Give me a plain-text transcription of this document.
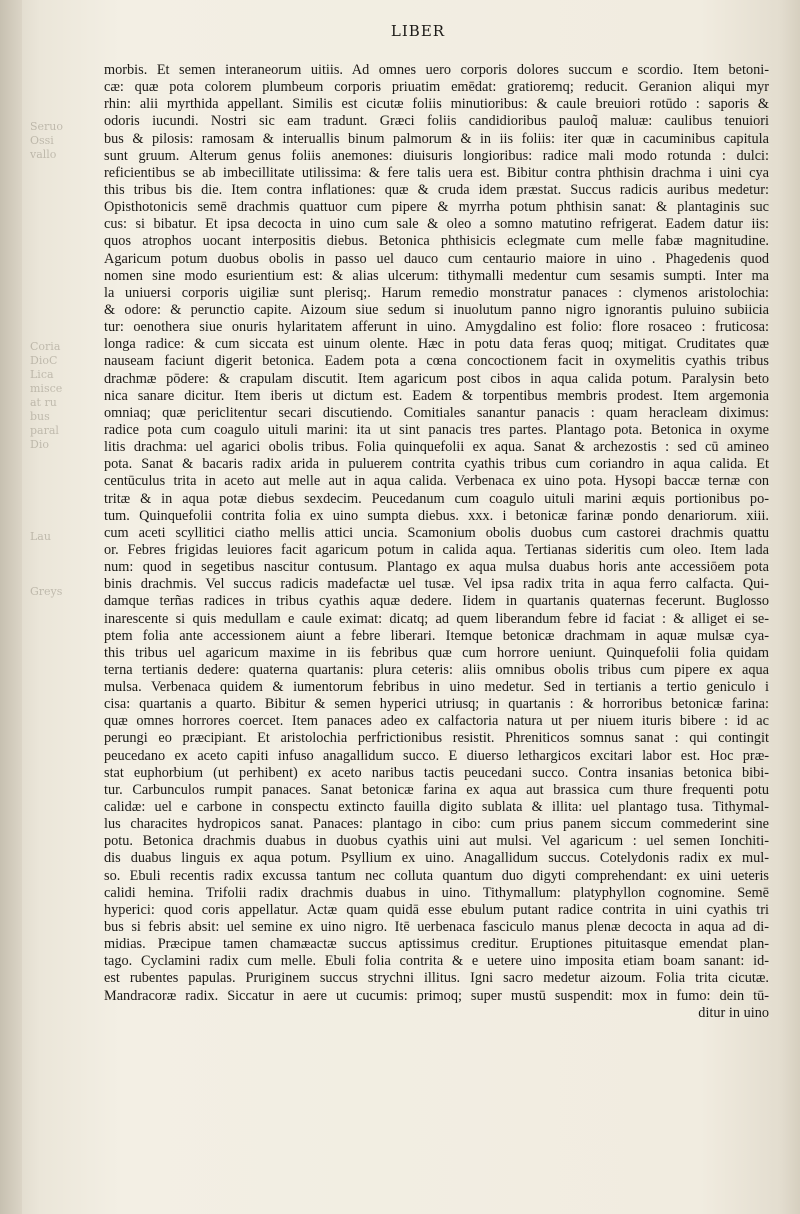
Seruo
Ossi
vallo
Coria
DioC
Lica
misce
at ru
bus
paral
Dio
Lau
Greys
LIBER
morbis. Et semen interaneorum uitiis. Ad omnes uero corporis dolores succum e scordio. Item betoni-
cæ: quæ pota colorem plumbeum corporis priuatim emēdat: gratioremq; reducit. Geranion aliqui myr
rhin: alii myrthida appellant. Similis est cicutæ foliis minutioribus: & caule breuiori rotūdo : saporis &
odoris iucundi. Nostri sic eam tradunt. Græci foliis candidioribus pauloq̃ maluæ: caulibus tenuiori
bus & pilosis: ramosam & interuallis binum palmorum & in iis foliis: iter quæ in cacuminibus capitula
sunt gruum. Alterum genus foliis anemones: diuisuris longioribus: radice mali modo rotunda : dulci:
reficientibus se ab imbecillitate utilissima: & fere talis uera est. Bibitur contra phthisin drachma i uini cya
this tribus bis die. Item contra inflationes: quæ & cruda idem præstat. Succus radicis auribus medetur:
Opisthotonicis semē drachmis quattuor cum pipere & myrrha potum phthisin sanat: & plantaginis suc
cus: si bibatur. Et ipsa decocta in uino cum sale & oleo a somno matutino refrigerat. Eadem datur iis:
quos atrophos uocant interpositis diebus. Betonica phthisicis eclegmate cum melle fabæ magnitudine.
Agaricum potum duobus obolis in passo uel dauco cum centaurio maiore in uino . Phagedenis quod
nomen sine modo esurientium est: & alias ulcerum: tithymalli medentur cum sesamis sumpti. Inter ma
la uniuersi corporis uigiliæ sunt plerisq;. Harum remedio monstratur panaces : clymenos aristolochia:
& odore: & perunctio capite. Aizoum siue sedum si inuolutum panno nigro ignorantis puluino subiicia
tur: oenothera siue onuris hylaritatem afferunt in uino. Amygdalino est folio: flore rosaceo : fruticosa:
longa radice: & cum siccata est uinum olente. Hæc in potu data feras quoq; mitigat. Cruditates quæ
nauseam faciunt digerit betonica. Eadem pota a cœna concoctionem facit in oxymelitis cyathis tribus
drachmæ pōdere: & crapulam discutit. Item agaricum post cibos in aqua calida potum. Paralysin beto
nica sanare dicitur. Item iberis ut dictum est. Eadem & torpentibus membris prodest. Item argemonia
omniaq; quæ periclitentur secari discutiendo. Comitiales sanantur panacis : quam heracleam diximus:
radice pota cum coagulo uituli marini: ita ut sint panacis tres partes. Plantago pota. Betonica in oxyme
litis drachma: uel agarici obolis tribus. Folia quinquefolii ex aqua. Sanat & archezostis : sed cū amineo
pota. Sanat & bacaris radix arida in puluerem contrita cyathis tribus cum coriandro in aqua calida. Et
centūculus trita in aceto aut melle aut in aqua calida. Verbenaca ex uino pota. Hysopi baccæ ternæ con
tritæ & in aqua potæ diebus sexdecim. Peucedanum cum coagulo uituli marini æquis portionibus po-
tum. Quinquefolii contrita folia ex uino sumpta diebus. xxx. i betonicæ farinæ pondo denariorum. xiii.
cum aceti scyllitici ciatho mellis attici uncia. Scamonium obolis duobus cum castorei drachmis quattu
or. Febres frigidas leuiores facit agaricum potum in calida aqua. Tertianas sideritis cum oleo. Item lada
num: quod in segetibus nascitur contusum. Plantago ex aqua mulsa duabus horis ante accessiōem pota
binis drachmis. Vel succus radicis madefactæ uel tusæ. Vel ipsa radix trita in aqua ferro calfacta. Qui-
damque terñas radices in tribus cyathis aquæ dedere. Iidem in quartanis quaternas fecerunt. Buglosso
inarescente si quis medullam e caule eximat: dicatq; ad quem liberandum febre id faciat : & alliget ei se-
ptem folia ante accessionem aiunt a febre liberari. Itemque betonicæ drachmam in aquæ mulsæ cya-
this tribus uel agaricum maxime in iis febribus quæ cum horrore ueniunt. Quinquefolii folia quidam
terna tertianis dedere: quaterna quartanis: plura ceteris: aliis omnibus obolis tribus cum pipere ex aqua
mulsa. Verbenaca quidem & iumentorum febribus in uino medetur. Sed in tertianis a tertio geniculo i
cisa: quartanis a quarto. Bibitur & semen hyperici utriusq; in quartanis : & horroribus betonicæ farina:
quæ omnes horrores coercet. Item panaces adeo ex calfactoria natura ut per niuem ituris bibere : id ac
perungi eo præcipiant. Et aristolochia perfrictionibus resistit. Phreniticos somnus sanat : qui contingit
peucedano ex aceto capiti infuso anagallidum succo. E diuerso lethargicos excitari labor est. Hoc præ-
stat euphorbium (ut perhibent) ex aceto naribus tactis peucedani succo. Contra insanias betonica bibi-
tur. Carbunculos rumpit panaces. Sanat betonicæ farina ex aqua aut brassica cum thure frequenti potu
calidæ: uel e carbone in conspectu extincto fauilla digito sublata & illita: uel plantago tusa. Tithymal-
lus characites hydropicos sanat. Panaces: plantago in cibo: cum prius panem siccum commederint sine
potu. Betonica drachmis duabus in duobus cyathis uini aut mulsi. Vel agaricum : uel semen Ionchiti-
dis duabus linguis ex aqua potum. Psyllium ex uino. Anagallidum succus. Cotelydonis radix ex mul-
so. Ebuli recentis radix excussa tantum nec colluta quantum duo digyti comprehendant: ex uini ueteris
calidi hemina. Trifolii radix drachmis duabus in uino. Tithymallum: platyphyllon cognomine. Semē
hyperici: quod coris appellatur. Actæ quam quidā esse ebulum putant radice contrita in uini cyathis tri
bus si febris absit: uel semine ex uino nigro. Itē uerbenaca fasciculo manus plenæ decocta in aqua ad di-
midias. Præcipue tamen chamæactæ succus aptissimus creditur. Eruptiones pituitasque emendat plan-
tago. Cyclamini radix cum melle. Ebuli folia contrita & e uetere uino imposita etiam boam sanant: id-
est rubentes papulas. Pruriginem succus strychni illitus. Igni sacro medetur aizoum. Folia trita cicutæ.
Mandracoræ radix. Siccatur in aere ut cucumis: primoq; super mustū suspendit: mox in fumo: dein tū-
ditur in uino
